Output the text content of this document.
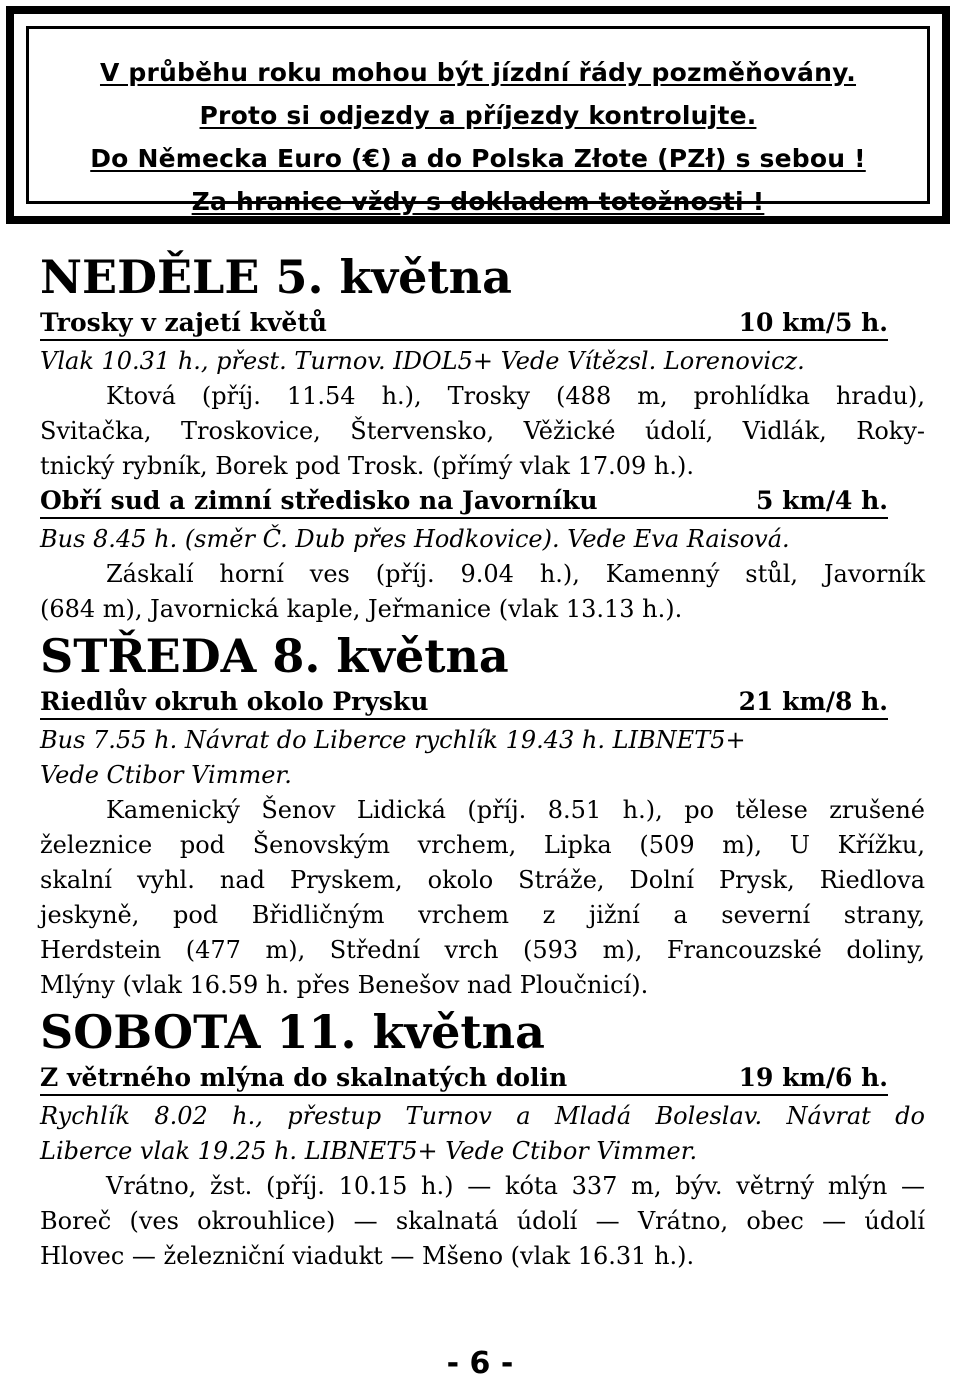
V průběhu roku mohou být jízdní řády pozměňovány.
Proto si odjezdy a příjezdy kontrolujte.
Do Německa Euro (€) a do Polska Złote (PZł) s sebou !
Za hranice vždy s dokladem totožnosti !
NEDĚLE 5. května
Trosky v zajetí květů	10 km/5 h.
Vlak 10.31 h., přest. Turnov. IDOL5+ Vede Vítězsl. Lorenovicz.
Ktová (příj. 11.54 h.), Trosky (488 m, prohlídka hradu),
Svitačka, Troskovice, Štervensko, Věžické údolí, Vidlák, Roky-
tnický rybník, Borek pod Trosk. (přímý vlak 17.09 h.).
Obří sud a zimní středisko na Javorníku	5 km/4 h.
Bus 8.45 h. (směr Č. Dub přes Hodkovice). Vede Eva Raisová.
Záskalí horní ves (příj. 9.04 h.), Kamenný stůl, Javorník
(684 m), Javornická kaple, Jeřmanice (vlak 13.13 h.).
STŘEDA 8. května
Riedlův okruh okolo Prysku	21 km/8 h.
Bus 7.55 h. Návrat do Liberce rychlík 19.43 h. LIBNET5+
Vede Ctibor Vimmer.
Kamenický Šenov Lidická (příj. 8.51 h.), po tělese zrušené
železnice pod Šenovským vrchem, Lipka (509 m), U Křížku,
skalní vyhl. nad Pryskem, okolo Stráže, Dolní Prysk, Riedlova
jeskyně, pod Břidličným vrchem z jižní a severní strany,
Herdstein (477 m), Střední vrch (593 m), Francouzské doliny,
Mlýny (vlak 16.59 h. přes Benešov nad Ploučnicí).
SOBOTA 11. května
Z větrného mlýna do skalnatých dolin	19 km/6 h.
Rychlík 8.02 h., přestup Turnov a Mladá Boleslav. Návrat do
Liberce vlak 19.25 h. LIBNET5+ Vede Ctibor Vimmer.
Vrátno, žst. (příj. 10.15 h.) — kóta 337 m, býv. větrný mlýn —
Boreč (ves okrouhlice) — skalnatá údolí — Vrátno, obec — údolí
Hlovec — železniční viadukt — Mšeno (vlak 16.31 h.).
- 6 -
